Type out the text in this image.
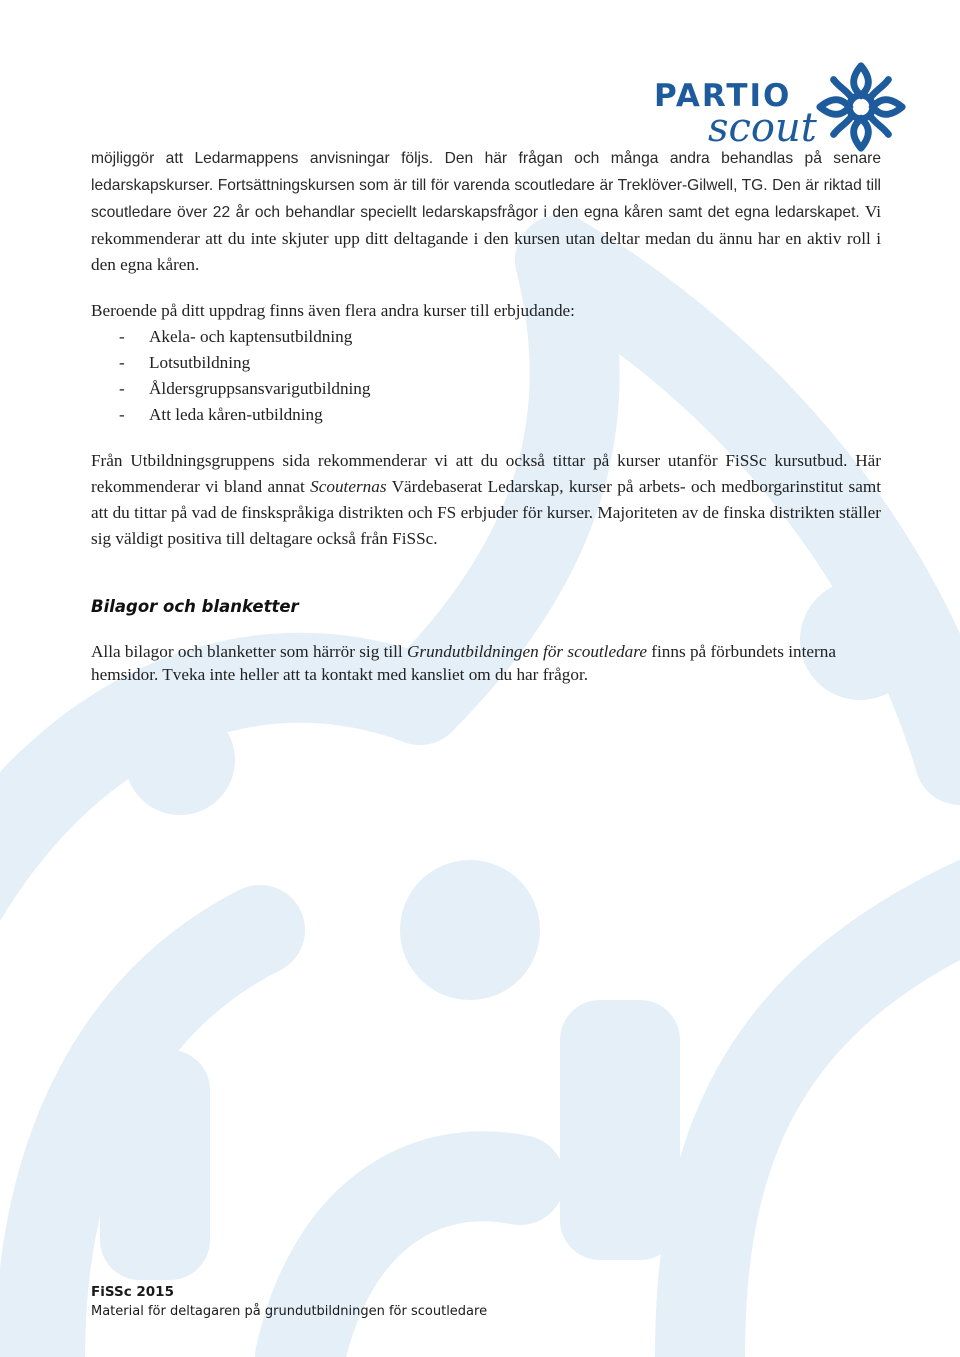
PARTIO
scout

möjliggör att Ledarmappens anvisningar följs. Den här frågan och många andra behandlas på senare ledarskapskurser. Fortsättningskursen som är till för varenda scoutledare är Treklöver-Gilwell, TG. Den är riktad till scoutledare över 22 år och behandlar speciellt ledarskapsfrågor i den egna kåren samt det egna ledarskapet. Vi rekommenderar att du inte skjuter upp ditt deltagande i den kursen utan deltar medan du ännu har en aktiv roll i den egna kåren.

Beroende på ditt uppdrag finns även flera andra kurser till erbjudande:

- Akela- och kaptensutbildning
- Lotsutbildning
- Åldersgruppsansvarigutbildning
- Att leda kåren-utbildning

Från Utbildningsgruppens sida rekommenderar vi att du också tittar på kurser utanför FiSSc kursutbud. Här rekommenderar vi bland annat Scouternas Värdebaserat Ledarskap, kurser på arbets- och medborgarinstitut samt att du tittar på vad de finskspråkiga distrikten och FS erbjuder för kurser. Majoriteten av de finska distrikten ställer sig väldigt positiva till deltagare också från FiSSc.

Bilagor och blanketter

Alla bilagor och blanketter som härrör sig till Grundutbildningen för scoutledare finns på förbundets interna hemsidor. Tveka inte heller att ta kontakt med kansliet om du har frågor.

FiSSc 2015
Material för deltagaren på grundutbildningen för scoutledare
